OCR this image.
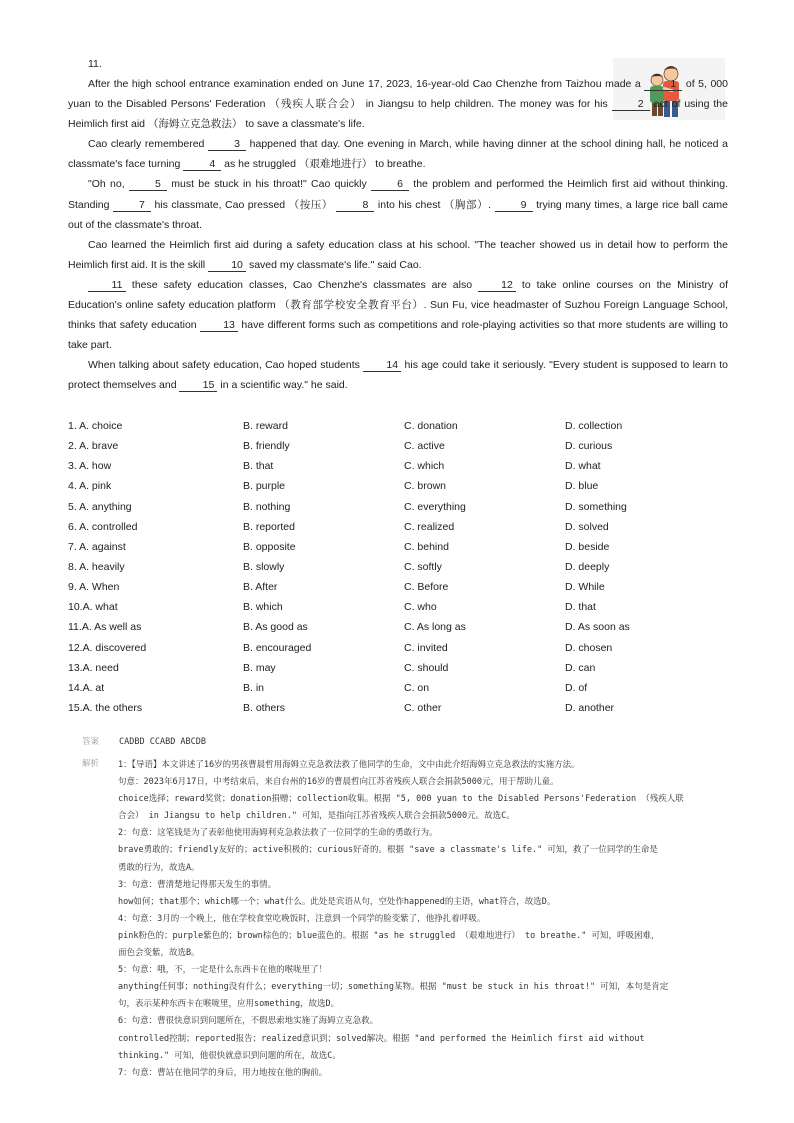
11.

After the high school entrance examination ended on June 17, 2023, 16-year-old Cao Chenzhe from Taizhou made a 1 of 5, 000 yuan to the Disabled Persons' Federation （残疾人联合会） in Jiangsu to help children. The money was for his 2 act of using the Heimlich first aid （海姆立克急救法） to save a classmate's life.

Cao clearly remembered 3 happened that day. One evening in March, while having dinner at the school dining hall, he noticed a classmate's face turning 4 as he struggled （艰难地进行） to breathe.

"Oh no, 5 must be stuck in his throat!" Cao quickly 6 the problem and performed the Heimlich first aid without thinking. Standing 7 his classmate, Cao pressed （按压） 8 into his chest （胸部）. 9 trying many times, a large rice ball came out of the classmate's throat.

Cao learned the Heimlich first aid during a safety education class at his school. "The teacher showed us in detail how to perform the Heimlich first aid. It is the skill 10 saved my classmate's life." said Cao.

11 these safety education classes, Cao Chenzhe's classmates are also 12 to take online courses on the Ministry of Education's online safety education platform （教育部学校安全教育平台）. Sun Fu, vice headmaster of Suzhou Foreign Language School, thinks that safety education 13 have different forms such as competitions and role-playing activities so that more students are willing to take part.

When talking about safety education, Cao hoped students 14 his age could take it seriously. "Every student is supposed to learn to protect themselves and 15 in a scientific way." he said.

1. A. choice	B. reward	C. donation	D. collection
2. A. brave	B. friendly	C. active	D. curious
3. A. how	B. that	C. which	D. what
4. A. pink	B. purple	C. brown	D. blue
5. A. anything	B. nothing	C. everything	D. something
6. A. controlled	B. reported	C. realized	D. solved
7. A. against	B. opposite	C. behind	D. beside
8. A. heavily	B. slowly	C. softly	D. deeply
9. A. When	B. After	C. Before	D. While
10.A. what	B. which	C. who	D. that
11.A. As well as	B. As good as	C. As long as	D. As soon as
12.A. discovered	B. encouraged	C. invited	D. chosen
13.A. need	B. may	C. should	D. can
14.A. at	B. in	C. on	D. of
15.A. the others	B. others	C. other	D. another
答案 CADBD CCABD ABCDB
解析 1：【导语】本文讲述了16岁的男孩曹晨哲用海姆立克急救法救了他同学的生命，文中由此介绍海姆立克急救法的实施方法。
句意：2023年6月17日，中考结束后，来自台州的16岁的曹晨哲向江苏省残疾人联合会捐款5000元，用于帮助儿童。
choice选择；reward奖赏；donation捐赠；collection收集。根据 "5, 000 yuan to the Disabled Persons'Federation （残疾人联
合会） in Jiangsu to help children." 可知，是指向江苏省残疾人联合会捐款5000元。故选C。
2：句意：这笔钱是为了表彰他使用海姆利克急救法救了一位同学的生命的勇敢行为。
brave勇敢的；friendly友好的；active积极的；curious好奇的。根据 "save a classmate's life." 可知，救了一位同学的生命是
勇敢的行为，故选A。
3：句意：曹清楚地记得那天发生的事情。
how如何；that那个；which哪一个；what什么。此处是宾语从句，空处作happened的主语，what符合，故选D。
4：句意：3月的一个晚上，他在学校食堂吃晚饭时，注意到一个同学的脸变紫了，他挣扎着呼吸。
pink粉色的；purple紫色的；brown棕色的；blue蓝色的。根据 "as he struggled （艰难地进行） to breathe." 可知，呼吸困难，
面色会变紫，故选B。
5：句意：哦，不，一定是什么东西卡在他的喉咙里了！
anything任何事；nothing没有什么；everything一切；something某物。根据 "must be stuck in his throat!" 可知，本句是肯定
句，表示某种东西卡在喉咙里，应用something，故选D。
6：句意：曹很快意识到问题所在，不假思索地实施了海姆立克急救。
controlled控制；reported报告；realized意识到；solved解决。根据 "and performed the Heimlich first aid without
thinking." 可知，他很快就意识到问题的所在，故选C。
7：句意：曹站在他同学的身后，用力地按在他的胸前。
